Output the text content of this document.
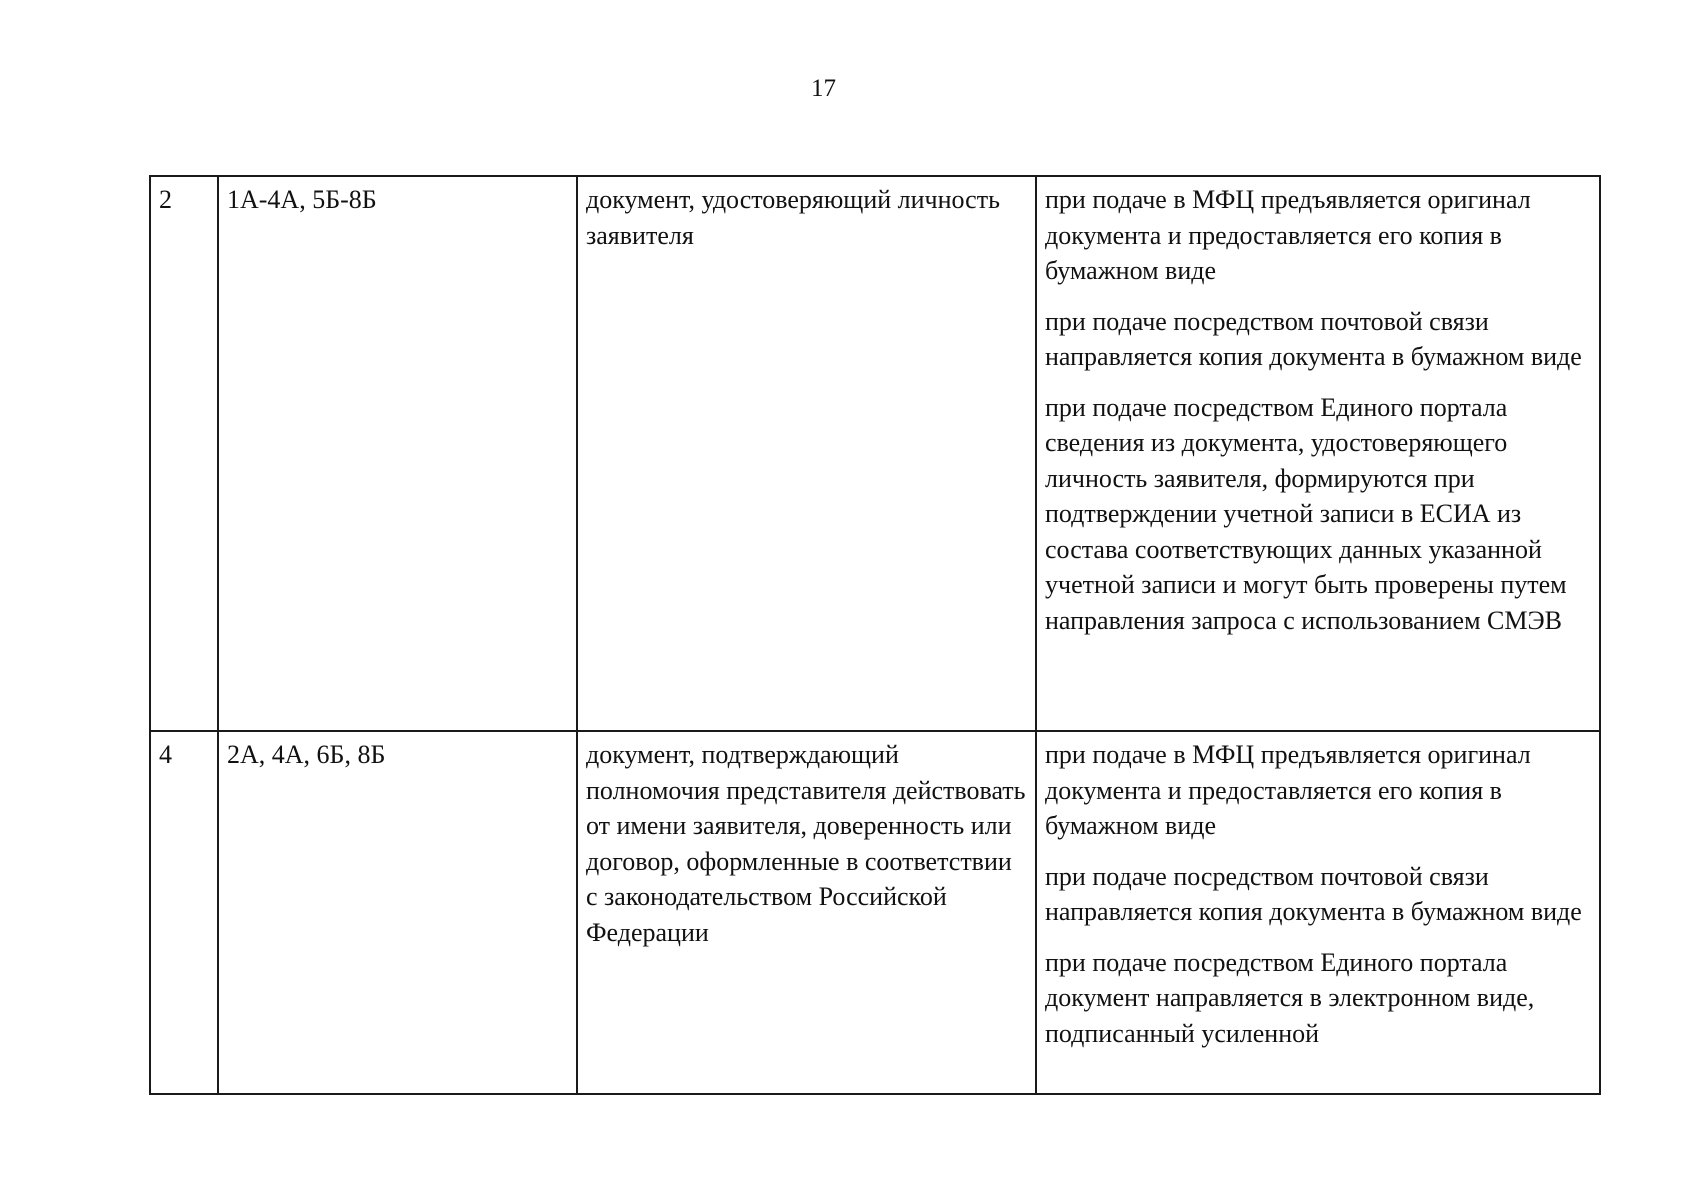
17
2	1А-4А, 5Б-8Б	документ, удостоверяющий личность заявителя	при подаче в МФЦ предъявляется оригинал документа и предоставляется его копия в бумажном виде

при подаче посредством почтовой связи направляется копия документа в бумажном виде

при подаче посредством Единого портала сведения из документа, удостоверяющего личность заявителя, формируются при подтверждении учетной записи в ЕСИА из состава соответствующих данных указанной учетной записи и могут быть проверены путем направления запроса с использованием СМЭВ

4	2А, 4А, 6Б, 8Б	документ, подтверждающий полномочия представителя действовать от имени заявителя, доверенность или договор, оформленные в соответствии с законодательством Российской Федерации	при подаче в МФЦ предъявляется оригинал документа и предоставляется его копия в бумажном виде

при подаче посредством почтовой связи направляется копия документа в бумажном виде

при подаче посредством Единого портала документ направляется в электронном виде, подписанный усиленной
